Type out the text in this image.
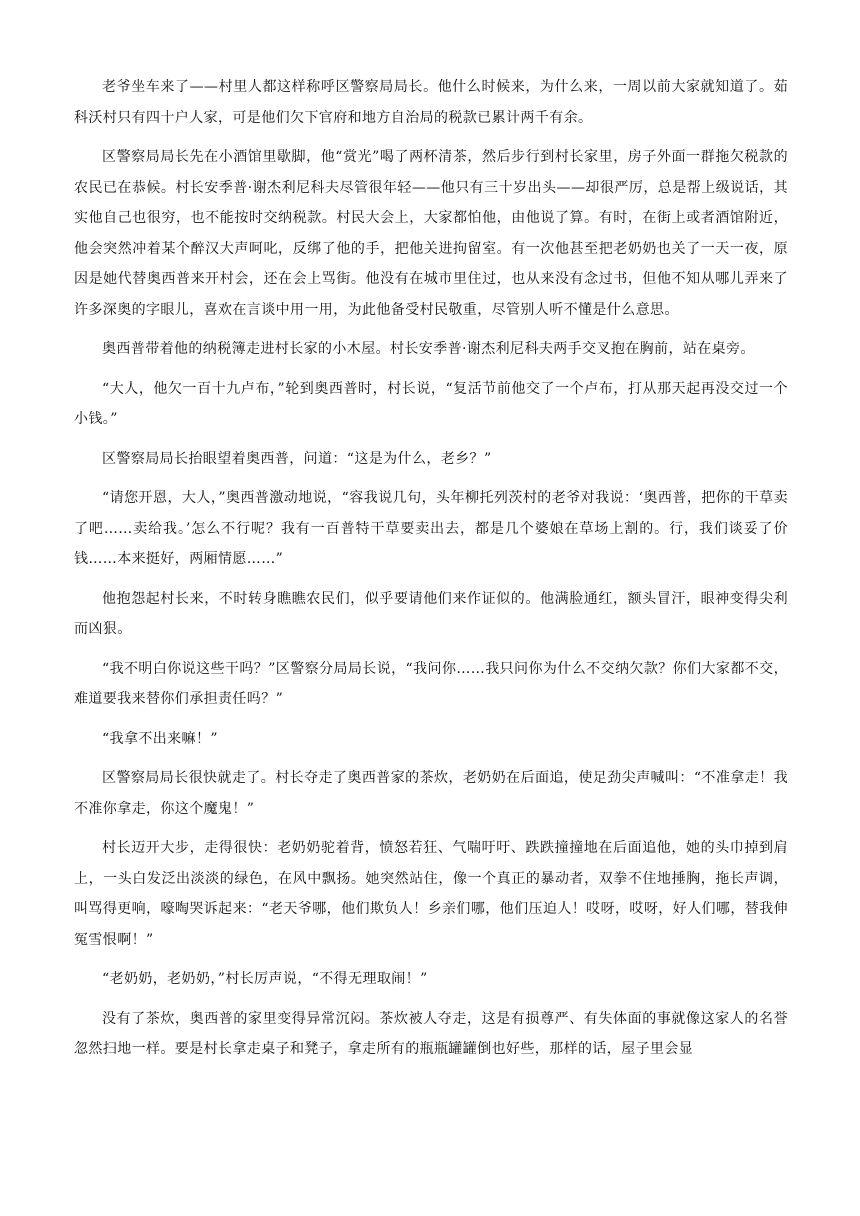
老爷坐车来了——村里人都这样称呼区警察局局长。他什么时候来，为什么来，一周以前大家就知道了。茹科沃村只有四十户人家，可是他们欠下官府和地方自治局的税款已累计两千有余。

区警察局局长先在小酒馆里歇脚，他“赏光”喝了两杯清茶，然后步行到村长家里，房子外面一群拖欠税款的农民已在恭候。村长安季普·谢杰利尼科夫尽管很年轻——他只有三十岁出头——却很严厉，总是帮上级说话，其实他自己也很穷，也不能按时交纳税款。村民大会上，大家都怕他，由他说了算。有时，在街上或者酒馆附近，他会突然冲着某个醉汉大声呵叱，反绑了他的手，把他关进拘留室。有一次他甚至把老奶奶也关了一天一夜，原因是她代替奥西普来开村会，还在会上骂街。他没有在城市里住过，也从来没有念过书，但他不知从哪儿弄来了许多深奥的字眼儿，喜欢在言谈中用一用，为此他备受村民敬重，尽管别人听不懂是什么意思。

奥西普带着他的纳税簿走进村长家的小木屋。村长安季普·谢杰利尼科夫两手交叉抱在胸前，站在桌旁。

“大人，他欠一百十九卢布，”轮到奥西普时，村长说，“复活节前他交了一个卢布，打从那天起再没交过一个小钱。”

区警察局局长抬眼望着奥西普，问道：“这是为什么，老乡？”

“请您开恩，大人，”奥西普激动地说，“容我说几句，头年柳托列茨村的老爷对我说：‘奥西普，把你的干草卖了吧……卖给我。’怎么不行呢？我有一百普特干草要卖出去，都是几个婆娘在草场上割的。行，我们谈妥了价钱……本来挺好，两厢情愿……”

他抱怨起村长来，不时转身瞧瞧农民们，似乎要请他们来作证似的。他满脸通红，额头冒汗，眼神变得尖利而凶狠。

“我不明白你说这些干吗？”区警察分局局长说，“我问你……我只问你为什么不交纳欠款？你们大家都不交，难道要我来替你们承担责任吗？”

“我拿不出来嘛！”

区警察局局长很快就走了。村长夺走了奥西普家的茶炊，老奶奶在后面追，使足劲尖声喊叫：“不准拿走！我不准你拿走，你这个魔鬼！”

村长迈开大步，走得很快：老奶奶驼着背，愤怒若狂、气喘吁吁、跌跌撞撞地在后面追他，她的头巾掉到肩上，一头白发泛出淡淡的绿色，在风中飘扬。她突然站住，像一个真正的暴动者，双拳不住地捶胸，拖长声调，叫骂得更响，嚎啕哭诉起来：“老天爷哪，他们欺负人！乡亲们哪，他们压迫人！哎呀，哎呀，好人们哪，替我伸冤雪恨啊！”

“老奶奶，老奶奶，”村长厉声说，“不得无理取闹！”

没有了茶炊，奥西普的家里变得异常沉闷。茶炊被人夺走，这是有损尊严、有失体面的事就像这家人的名誉忽然扫地一样。要是村长拿走桌子和凳子，拿走所有的瓶瓶罐罐倒也好些，那样的话，屋子里会显
